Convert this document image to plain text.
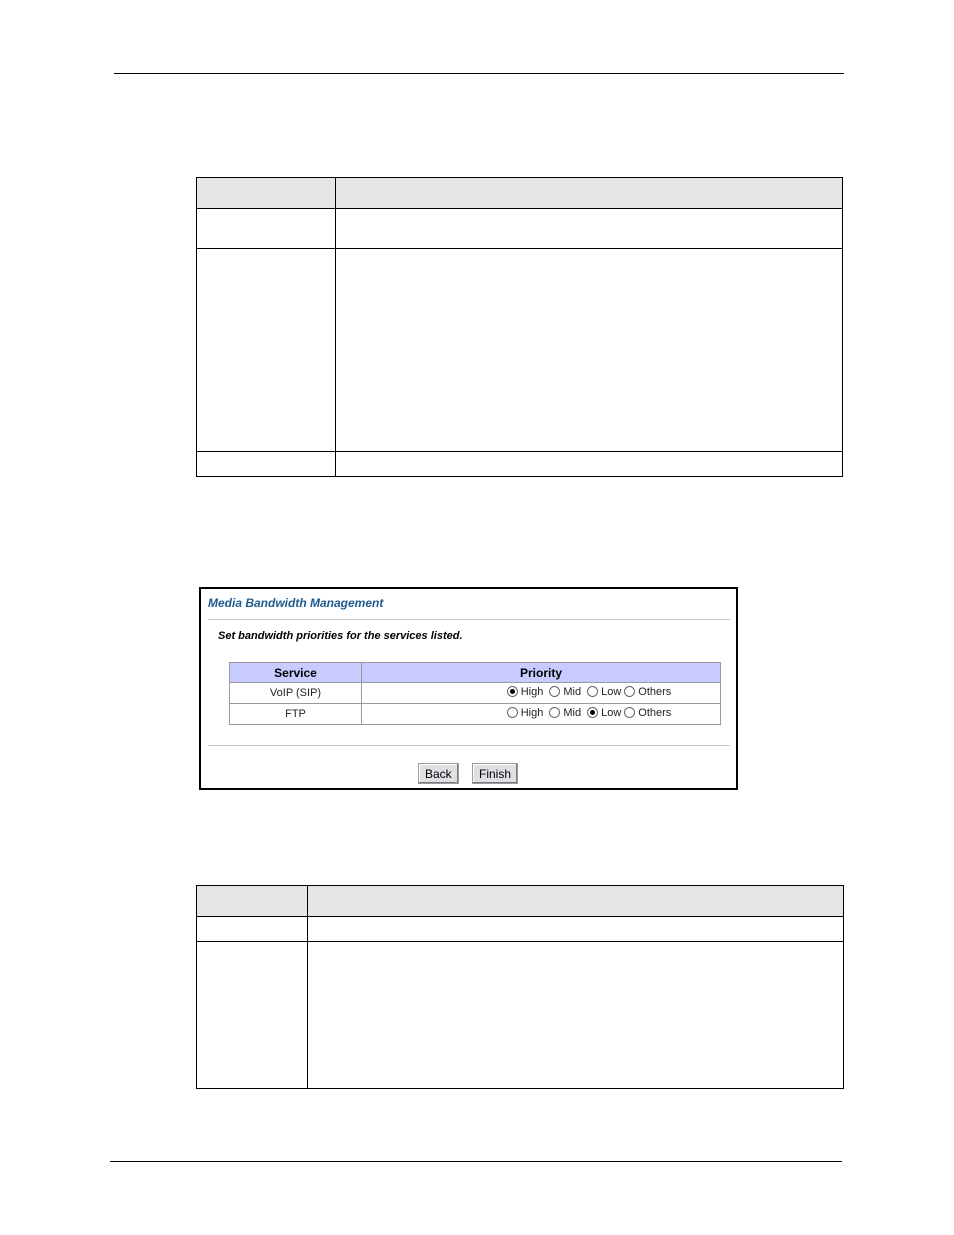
Media Bandwidth Management
Set bandwidth priorities for the services listed.
Service	Priority
VoIP (SIP)	High Mid Low Others

FTP	High Mid Low Others
Back	Finish
